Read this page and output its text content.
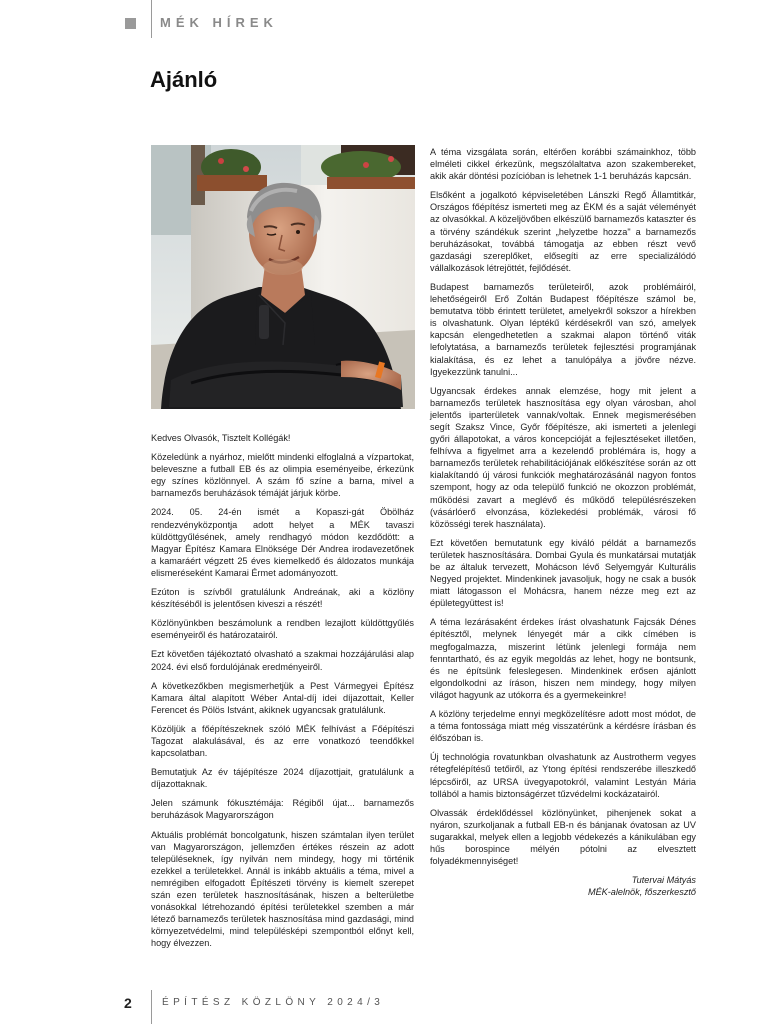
MÉK HÍREK
Ajánló

Kedves Olvasók, Tisztelt Kollégák!

Közeledünk a nyárhoz, mielőtt mindenki elfoglalná a vízpartokat, beleveszne a futball EB és az olimpia eseményeibe, érkezünk egy színes közlönnyel. A szám fő színe a barna, mivel a barnamezős beruházások témáját járjuk körbe.

2024. 05. 24-én ismét a Kopaszi-gát Öbölház rendezvényközpontja adott helyet a MÉK tavaszi küldöttgyűlésének, amely rendhagyó módon kezdődött: a Magyar Építész Kamara Elnöksége Dér Andrea irodavezetőnek a kamaráért végzett 25 éves kiemelkedő és áldozatos munkája elismeréseként Kamarai Érmet adományozott.

Ezúton is szívből gratulálunk Andreának, aki a közlöny készítéséből is jelentősen kiveszi a részét!

Közlönyünkben beszámolunk a rendben lezajlott küldöttgyűlés eseményeiről és határozatairól.

Ezt követően tájékoztató olvasható a szakmai hozzájárulási alap 2024. évi első fordulójának eredményeiről.

A következőkben megismerhetjük a Pest Vármegyei Építész Kamara által alapított Wéber Antal-díj idei díjazottait, Keller Ferencet és Pölös Istvánt, akiknek ugyancsak gratulálunk.

Közöljük a főépítészeknek szóló MÉK felhívást a Főépítészi Tagozat alakulásával, és az erre vonatkozó teendőkkel kapcsolatban.

Bemutatjuk Az év tájépítésze 2024 díjazottjait, gratulálunk a díjazottaknak.

Jelen számunk fókusztémája: Régiből újat... barnamezős beruházások Magyarországon

Aktuális problémát boncolgatunk, hiszen számtalan ilyen terület van Magyarországon, jellemzően értékes részein az adott településeknek, így nyilván nem mindegy, hogy mi történik ezekkel a területekkel. Annál is inkább aktuális a téma, mivel a nemrégiben elfogadott Építészeti törvény is kiemelt szerepet szán ezen területek hasznosításának, hiszen a belterületbe vonásokkal létrehozandó építési területekkel szemben a már létező barnamezős területek hasznosítása mind gazdasági, mind környezetvédelmi, mind településképi szempontból előnyt kell, hogy élvezzen.

A téma vizsgálata során, eltérően korábbi számainkhoz, több elméleti cikkel érkezünk, megszólaltatva azon szakembereket, akik akár döntési pozícióban is lehetnek 1-1 beruházás kapcsán.

Elsőként a jogalkotó képviseletében Lánszki Regő Államtitkár, Országos főépítész ismerteti meg az ÉKM és a saját véleményét az olvasókkal. A közeljövőben elkészülő barnamezős kataszter és a törvény szándékuk szerint „helyzetbe hozza" a barnamezős beruházásokat, továbbá támogatja az ebben részt vevő gazdasági szereplőket, elősegíti az erre specializálódó vállalkozások létrejöttét, fejlődését.

Budapest barnamezős területeiről, azok problémáiról, lehetőségeiről Erő Zoltán Budapest főépítésze számol be, bemutatva több érintett területet, amelyekről sokszor a hírekben is olvashatunk. Olyan léptékű kérdésekről van szó, amelyek kapcsán elengedhetetlen a szakmai alapon történő viták lefolytatása, a barnamezős területek fejlesztési programjának kialakítása, és ez lehet a tanulópálya a jövőre nézve. Igyekezzünk tanulni...

Ugyancsak érdekes annak elemzése, hogy mit jelent a barnamezős területek hasznosítása egy olyan városban, ahol jelentős iparterületek vannak/voltak. Ennek megismerésében segít Szaksz Vince, Győr főépítésze, aki ismerteti a jelenlegi győri állapotokat, a város koncepcióját a fejlesztéseket illetően, felhívva a figyelmet arra a kezelendő problémára is, hogy a barnamezős területek rehabilitációjának előkészítése során az ott kialakítandó új városi funkciók meghatározásánál nagyon fontos szempont, hogy az oda települő funkció ne okozzon problémát, működési zavart a meglévő és működő településrészeken (vásárlóerő elvonzása, közlekedési problémák, városi fő közösségi terek használata).

Ezt követően bemutatunk egy kiváló példát a barnamezős területek hasznosítására. Dombai Gyula és munkatársai mutatják be az általuk tervezett, Mohácson lévő Selyemgyár Kulturális Negyed projektet. Mindenkinek javasoljuk, hogy ne csak a busók miatt látogasson el Mohácsra, hanem nézze meg ezt az épületegyüttest is!

A téma lezárásaként érdekes írást olvashatunk Fajcsák Dénes építésztől, melynek lényegét már a cikk címében is megfogalmazza, miszerint létünk jelenlegi formája nem fenntartható, és az egyik megoldás az lehet, hogy ne bontsunk, és ne építsünk feleslegesen. Mindenkinek erősen ajánlott elgondolkodni az íráson, hiszen nem mindegy, hogy milyen világot hagyunk az utókorra és a gyermekeinkre!

A közlöny terjedelme ennyi megközelítésre adott most módot, de a téma fontossága miatt még visszatérünk a kérdésre írásban és élőszóban is.

Új technológia rovatunkban olvashatunk az Austrotherm vegyes rétegfelépítésű tetőiről, az Ytong építési rendszerébe illeszkedő lépcsőiről, az URSA üvegyapotokról, valamint Lestyán Mária tollából a hamis biztonságérzet tűzvédelmi kockázatairól.

Olvassák érdeklődéssel közlönyünket, pihenjenek sokat a nyáron, szurkoljanak a futball EB-n és bánjanak óvatosan az UV sugarakkal, melyek ellen a legjobb védekezés a kánikulában egy hűs borospince mélyén pótolni az elvesztett folyadékmennyiséget!

Tutervai Mátyás
MÉK-alelnök, főszerkesztő
2	ÉPÍTÉSZ KÖZLÖNY 2024/3
